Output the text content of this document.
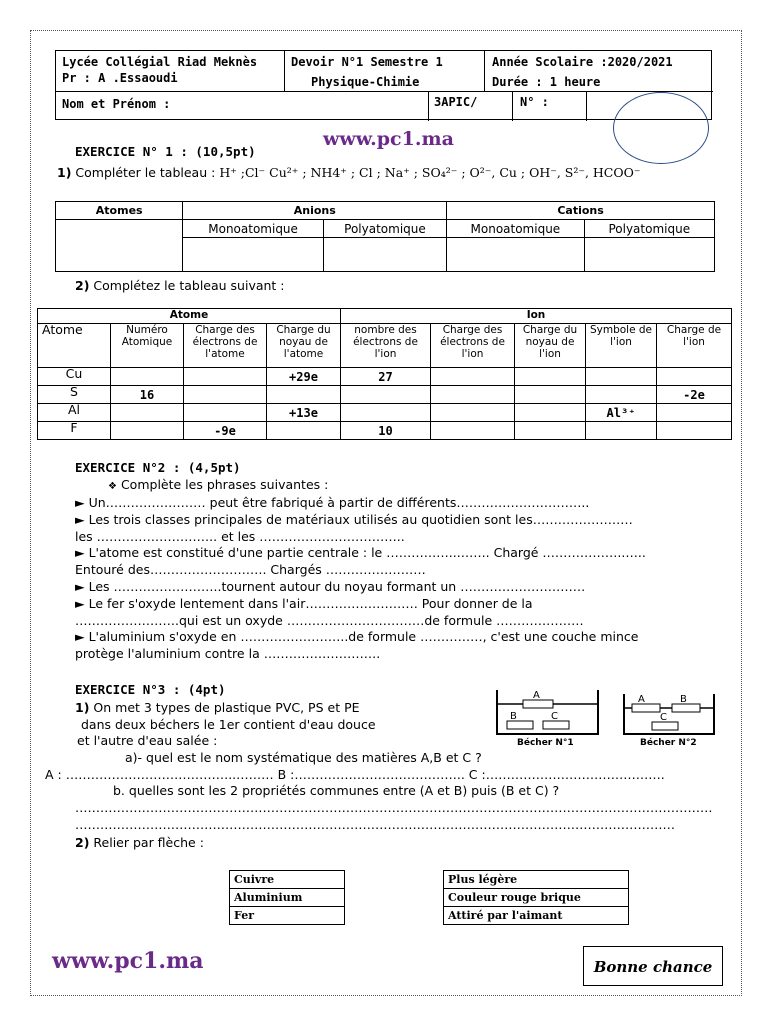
Lycée Collégial Riad Meknès
Pr : A .Essaoudi
Devoir N°1 Semestre 1
Physique-Chimie
Année Scolaire :2020/2021
Durée : 1 heure
Nom et Prénom :	3APIC/	N° :
www.pc1.ma
EXERCICE N° 1 : (10,5pt)
1) Compléter le tableau : H⁺ ;Cl⁻ Cu²⁺ ; NH4⁺ ; Cl ; Na⁺ ; SO₄²⁻ ; O²⁻, Cu ; OH⁻, S²⁻, HCOO⁻
Atomes	Anions		Cations	
	Monoatomique	Polyatomique	Monoatomique	Polyatomique

2) Complétez le tableau suivant :
Atome				Ion				
Atome	Numéro Atomique	Charge des électrons de l'atome	Charge du noyau de l'atome	nombre des électrons de l'ion	Charge des électrons de l'ion	Charge du noyau de l'ion	Symbole de l'ion	Charge de l'ion
Cu			+29e	27				
S	16							-2e
Al			+13e				Al³⁺	
F		-9e		10				
EXERCICE N°2 : (4,5pt)
❖ Complète les phrases suivantes :
► Un…………………… peut être fabriqué à partir de différents…………………………..
► Les trois classes principales de matériaux utilisés au quotidien sont les……………………
les ……………………….. et les ……………………………..
► L'atome est constitué d'une partie centrale : le ……………..…….. Chargé ………………..…..
Entouré des………………………. Chargés ……………………
► Les ……………………..tournent autour du noyau formant un …………………………
► Le fer s'oxyde lentement dans l'air……………………… Pour donner de la
…………………….qui est un oxyde ……………………………de formule …………………
► L'aluminium s'oxyde en ……………………..de formule ……………, c'est une couche mince
protège l'aluminium contre la ……………………….
EXERCICE N°3 : (4pt)
1) On met 3 types de plastique PVC, PS et PE
dans deux béchers le 1er contient d'eau douce
et l'autre d'eau salée :
a)- quel est le nom systématique des matières A,B et C ?
A : …………………………………..……… B :………………………………….. C :…………………………………….
b. quelles sont les 2 propriétés communes entre (A et B) puis (B et C) ?
………………………………………………………………………………………………………………………………………
………………………………………………………………………………………………………………………………
A
B	C
Bécher N°1
A	B
C
Bécher N°2
2) Relier par flèche :
Cuivre
Aluminium
Fer
Plus légère
Couleur rouge brique
Attiré par l'aimant
www.pc1.ma	Bonne chance
